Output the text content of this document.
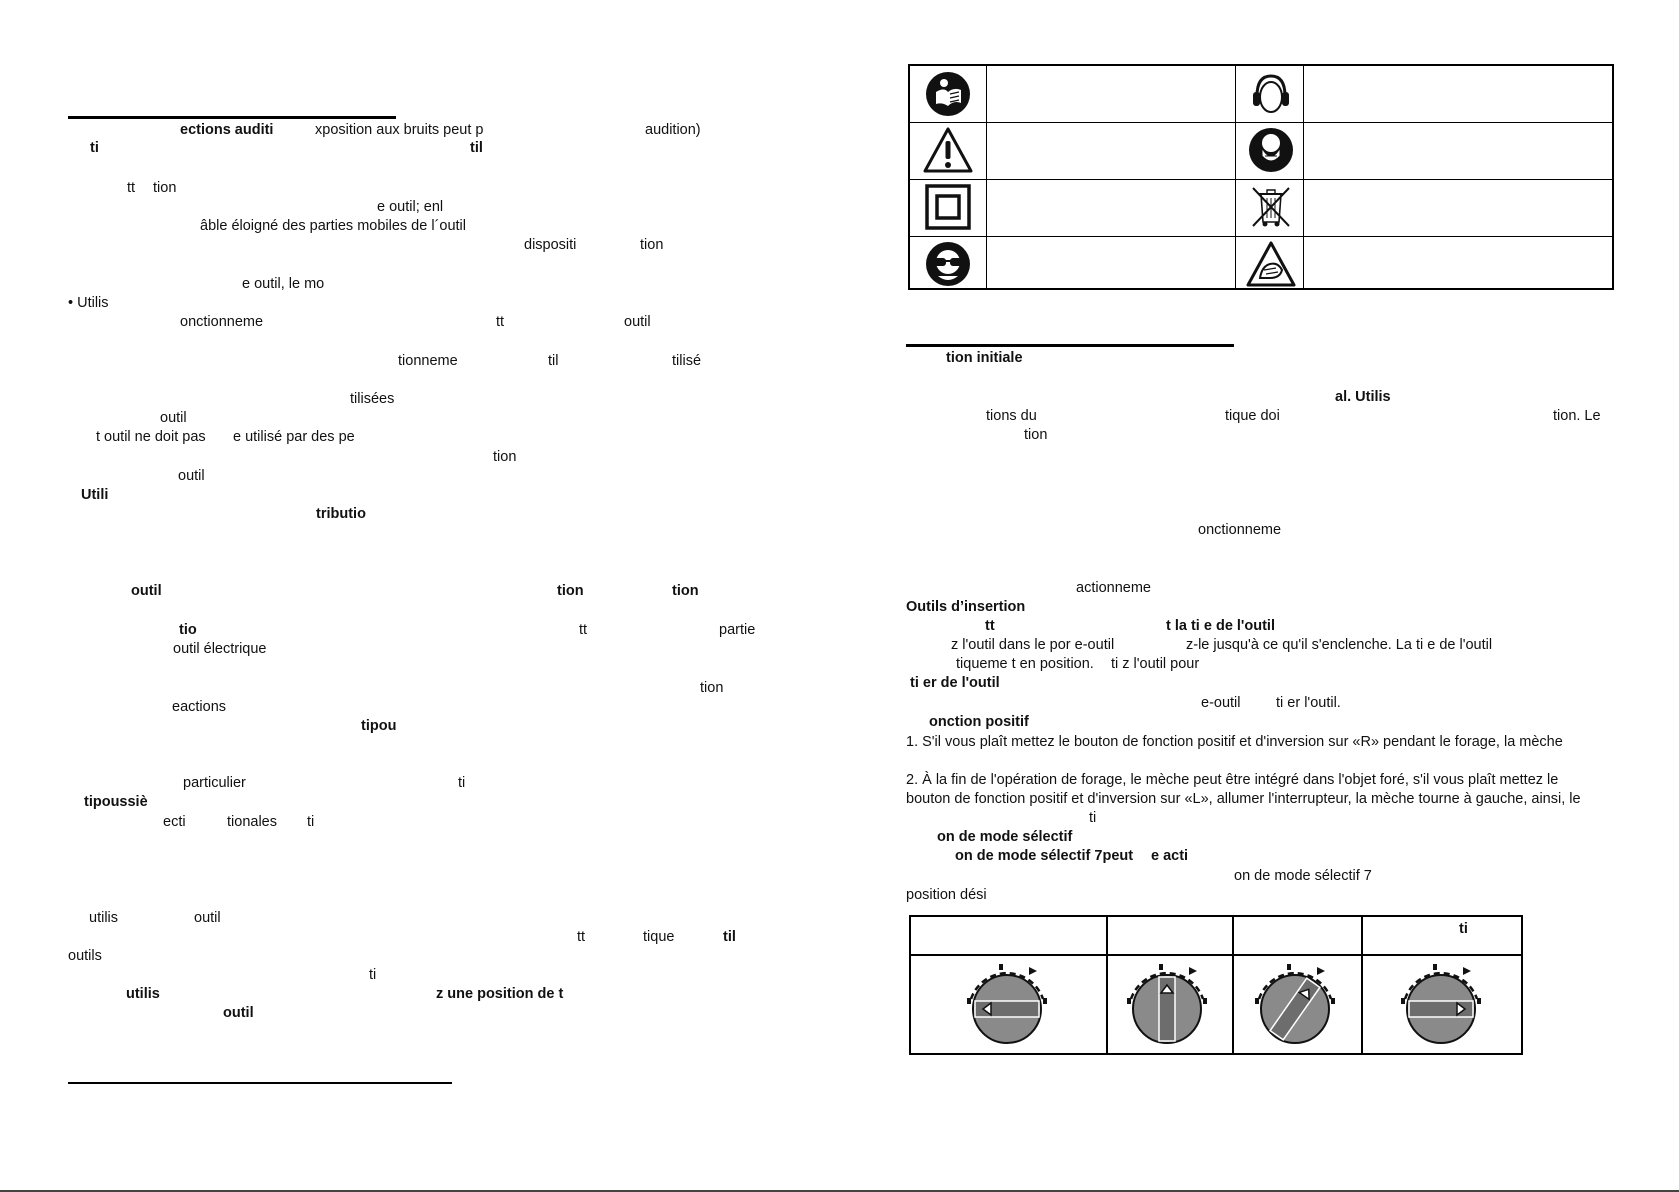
ections auditi	xposition aux bruits peut p	audition)
ti	til
tt tion
e outil; enl
âble éloigné des parties mobiles de l´outil
dispositi	tion
e outil, le mo
• Utilis
onctionneme	tt	outil
tionneme	til	tilisé
tilisées
outil
t outil ne doit pas e utilisé par des pe
tion
outil
Utili
tributio
outil	tion	tion
tio	tt	partie
outil électrique
tion
eactions
tipou
particulier	ti
tipoussiè
ecti	tionales ti
utilis	outil
tt	tique	til
outils
ti
utilis	z une position de t
outil
tion initiale
al. Utilis
tions du	tique doi	tion. Le
tion
onctionneme
actionneme
Outils d’insertion
tt	t la ti e de l'outil
z l'outil dans le por e-outil	z-le jusqu'à ce qu'il s'enclenche. La ti e de l'outil
tiqueme t en position. ti z l'outil pour
ti er de l'outil
e-outil ti er l'outil.
onction positif
1. S'il vous plaît mettez le bouton de fonction positif et d'inversion sur «R» pendant le forage, la mèche
2. À la fin de l'opération de forage, le mèche peut être intégré dans l'objet foré, s'il vous plaît mettez le
bouton de fonction positif et d'inversion sur «L», allumer l'interrupteur, la mèche tourne à gauche, ainsi, le
ti
on de mode sélectif
on de mode sélectif 7peut e acti
on de mode sélectif 7
position dési
ti
